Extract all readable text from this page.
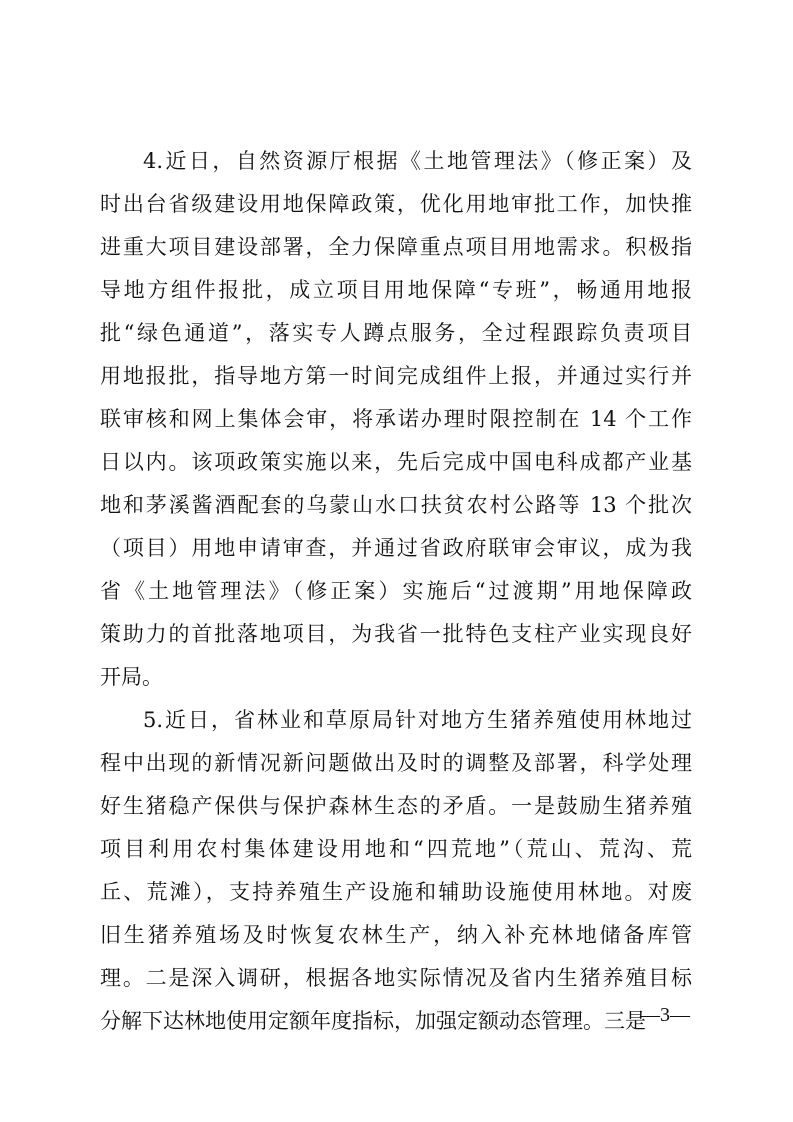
4.近日，自然资源厅根据《土地管理法》（修正案）及
时出台省级建设用地保障政策，优化用地审批工作，加快推
进重大项目建设部署，全力保障重点项目用地需求。积极指
导地方组件报批，成立项目用地保障“专班”，畅通用地报
批“绿色通道”，落实专人蹲点服务，全过程跟踪负责项目
用地报批，指导地方第一时间完成组件上报，并通过实行并
联审核和网上集体会审，将承诺办理时限控制在 14 个工作
日以内。该项政策实施以来，先后完成中国电科成都产业基
地和茅溪酱酒配套的乌蒙山水口扶贫农村公路等 13 个批次
（项目）用地申请审查，并通过省政府联审会审议，成为我
省《土地管理法》（修正案）实施后“过渡期”用地保障政
策助力的首批落地项目，为我省一批特色支柱产业实现良好
开局。
5.近日，省林业和草原局针对地方生猪养殖使用林地过
程中出现的新情况新问题做出及时的调整及部署，科学处理
好生猪稳产保供与保护森林生态的矛盾。一是鼓励生猪养殖
项目利用农村集体建设用地和“四荒地”（荒山、荒沟、荒
丘、荒滩），支持养殖生产设施和辅助设施使用林地。对废
旧生猪养殖场及时恢复农林生产，纳入补充林地储备库管
理。二是深入调研，根据各地实际情况及省内生猪养殖目标
分解下达林地使用定额年度指标，加强定额动态管理。三是
—3—
